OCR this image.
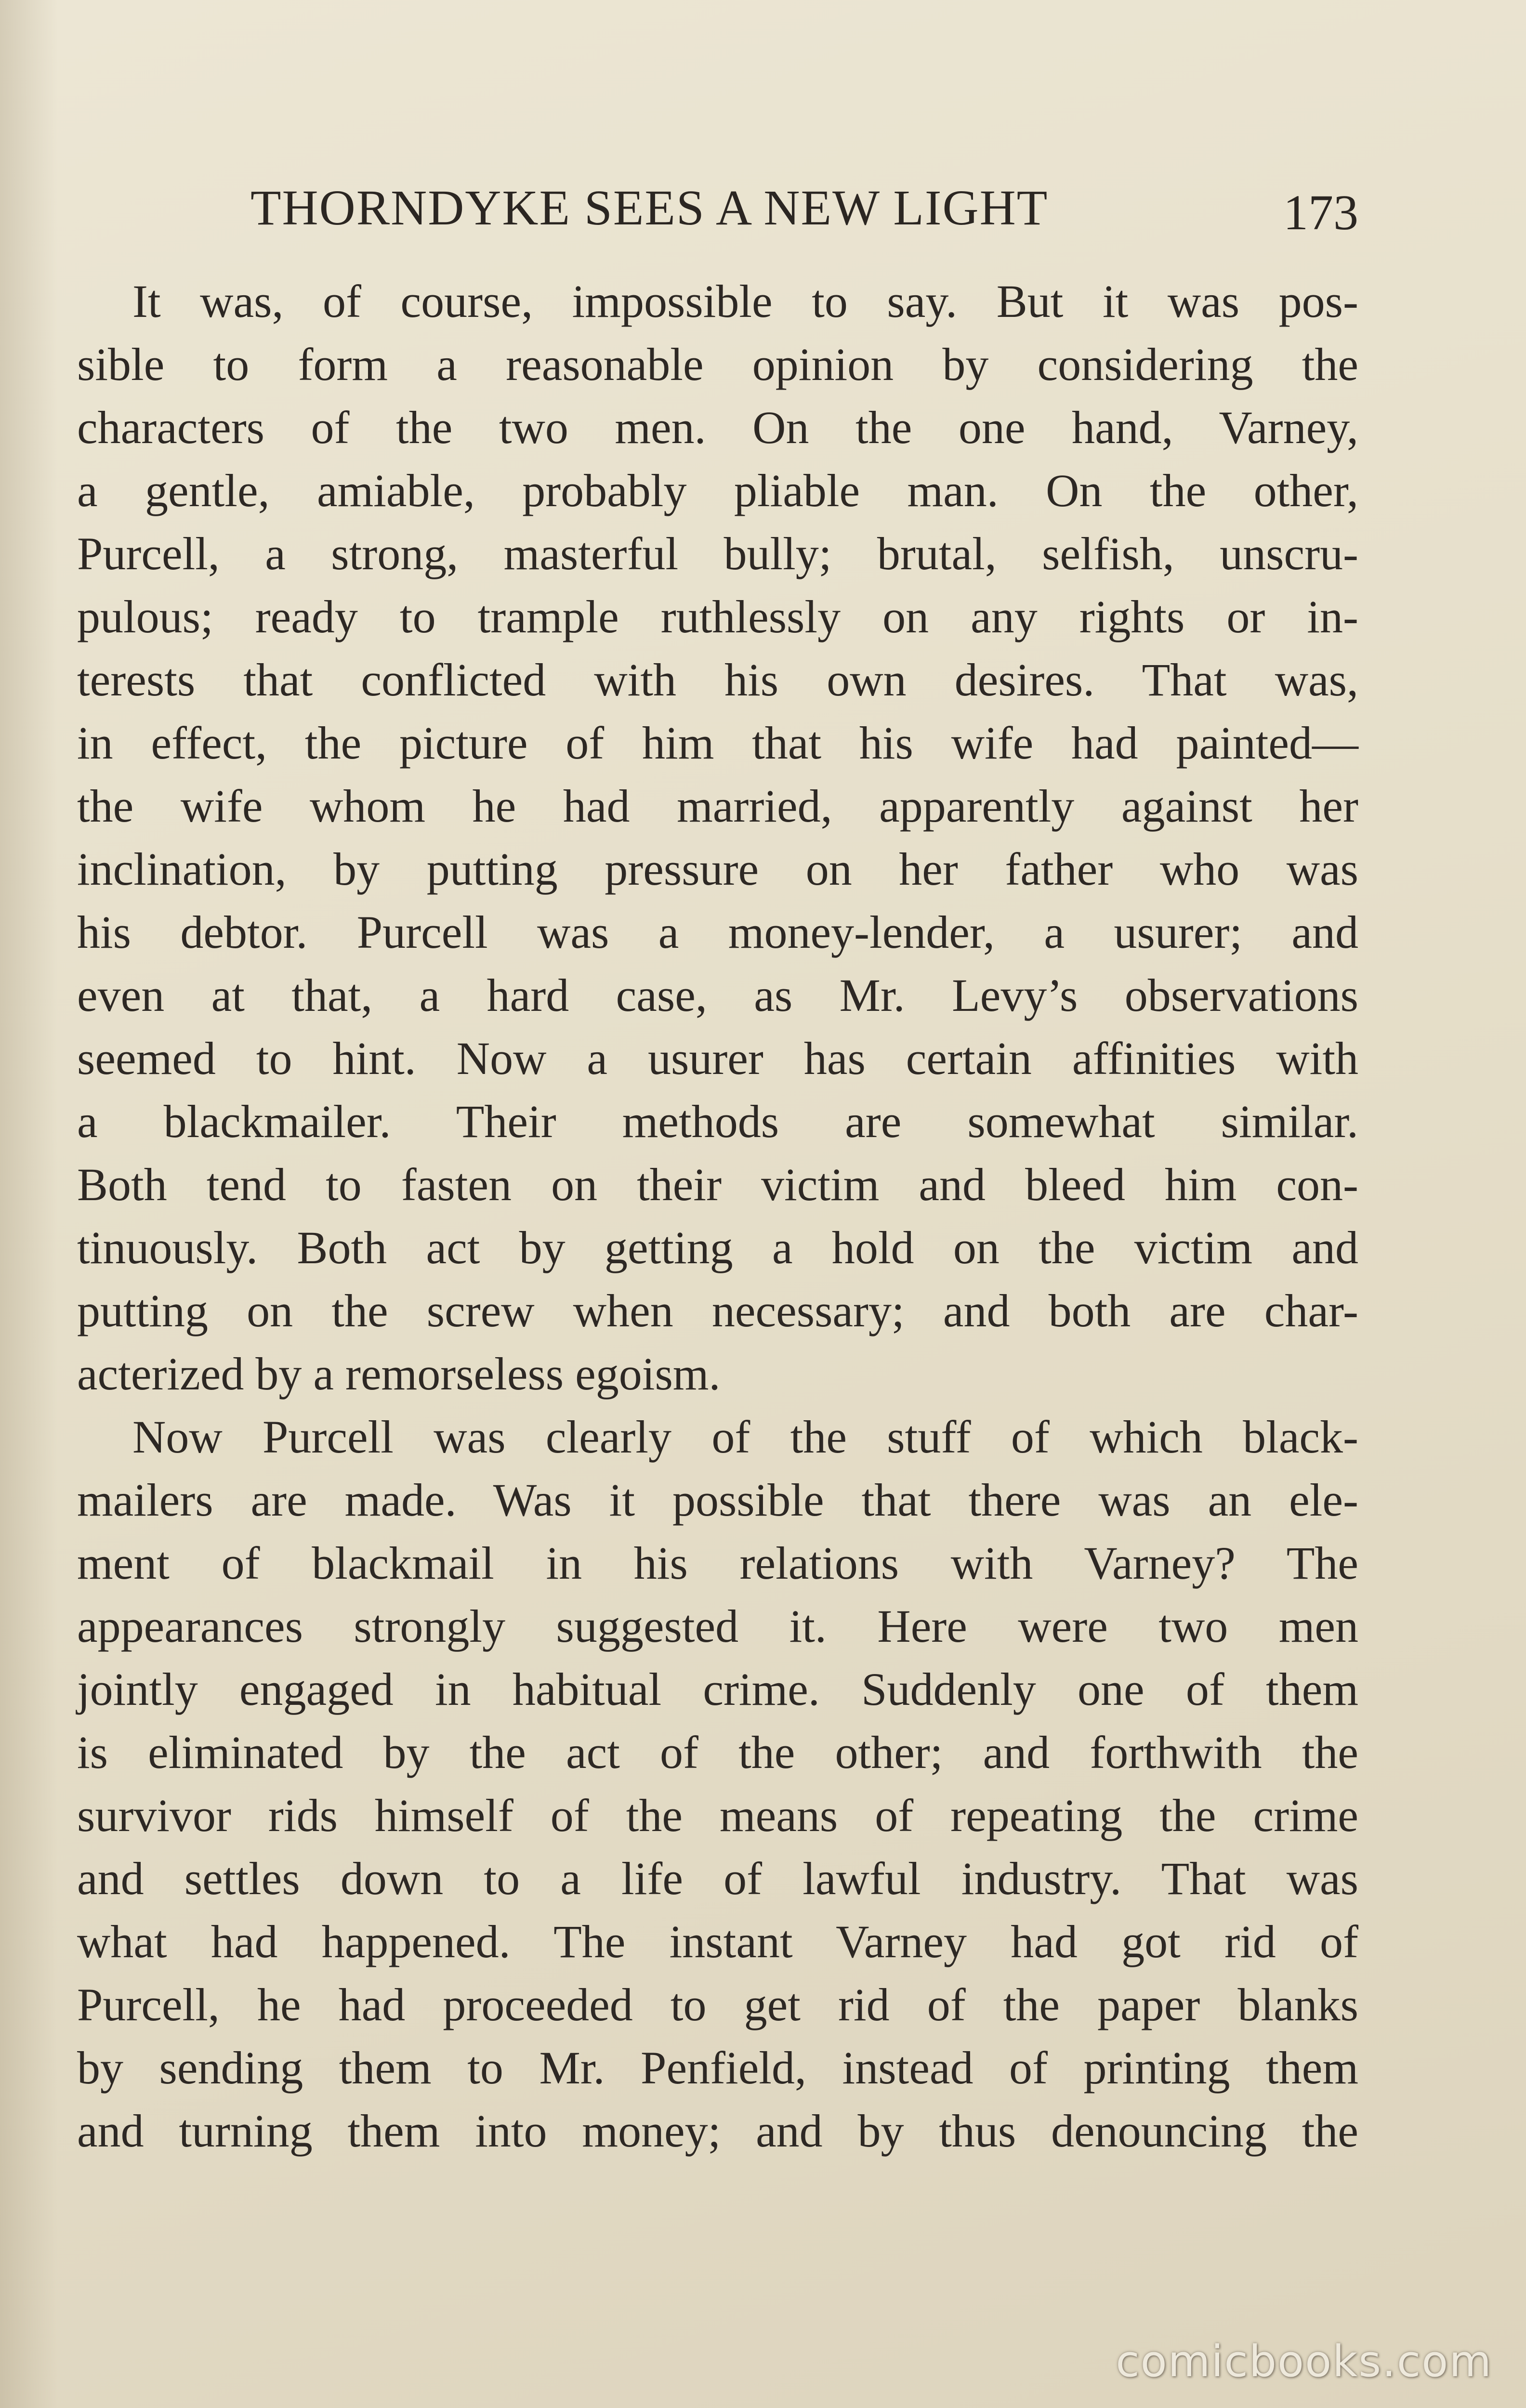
THORNDYKE SEES A NEW LIGHT	173
It was, of course, impossible to say. But it was pos-
sible to form a reasonable opinion by considering the
characters of the two men. On the one hand, Varney,
a gentle, amiable, probably pliable man. On the other,
Purcell, a strong, masterful bully; brutal, selfish, unscru-
pulous; ready to trample ruthlessly on any rights or in-
terests that conflicted with his own desires. That was,
in effect, the picture of him that his wife had painted—
the wife whom he had married, apparently against her
inclination, by putting pressure on her father who was
his debtor. Purcell was a money-lender, a usurer; and
even at that, a hard case, as Mr. Levy’s observations
seemed to hint. Now a usurer has certain affinities with
a blackmailer. Their methods are somewhat similar.
Both tend to fasten on their victim and bleed him con-
tinuously. Both act by getting a hold on the victim and
putting on the screw when necessary; and both are char-
acterized by a remorseless egoism.
Now Purcell was clearly of the stuff of which black-
mailers are made. Was it possible that there was an ele-
ment of blackmail in his relations with Varney? The
appearances strongly suggested it. Here were two men
jointly engaged in habitual crime. Suddenly one of them
is eliminated by the act of the other; and forthwith the
survivor rids himself of the means of repeating the crime
and settles down to a life of lawful industry. That was
what had happened. The instant Varney had got rid of
Purcell, he had proceeded to get rid of the paper blanks
by sending them to Mr. Penfield, instead of printing them
and turning them into money; and by thus denouncing the
comicbooks.com
